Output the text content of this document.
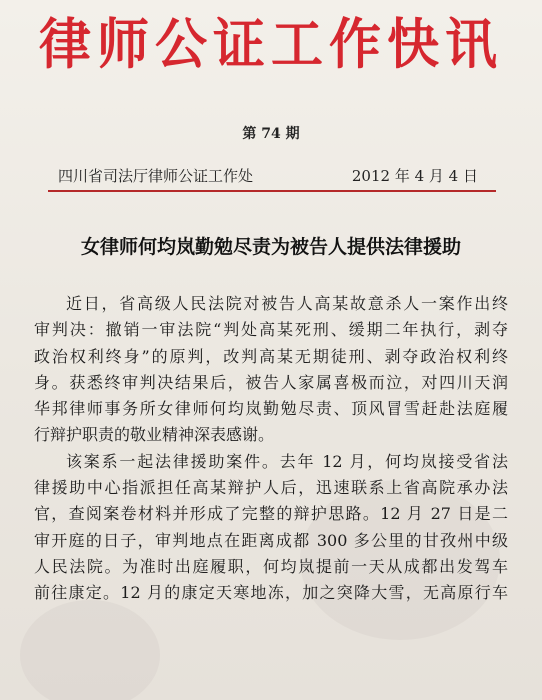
律师公证工作快讯
第 74 期
四川省司法厅律师公证工作处	2012 年 4 月 4 日
女律师何均岚勤勉尽责为被告人提供法律援助
近日，省高级人民法院对被告人高某故意杀人一案作出终
审判决：撤销一审法院“判处高某死刑、缓期二年执行，剥夺
政治权利终身”的原判，改判高某无期徒刑、剥夺政治权利终
身。获悉终审判决结果后，被告人家属喜极而泣，对四川天润
华邦律师事务所女律师何均岚勤勉尽责、顶风冒雪赶赴法庭履
行辩护职责的敬业精神深表感谢。
该案系一起法律援助案件。去年 12 月，何均岚接受省法
律援助中心指派担任高某辩护人后，迅速联系上省高院承办法
官，查阅案卷材料并形成了完整的辩护思路。12 月 27 日是二
审开庭的日子，审判地点在距离成都 300 多公里的甘孜州中级
人民法院。为准时出庭履职，何均岚提前一天从成都出发驾车
前往康定。12 月的康定天寒地冻，加之突降大雪，无高原行车
